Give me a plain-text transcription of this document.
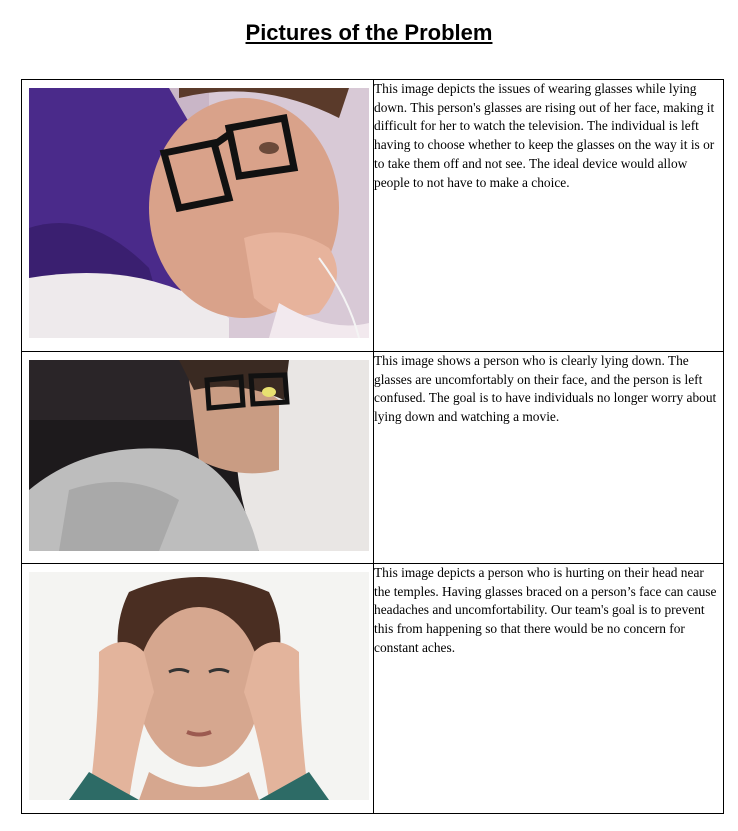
Pictures of the Problem
	This image depicts the issues of wearing glasses while lying down. This person's glasses are rising out of her face, making it difficult for her to watch the television. The individual is left having to choose whether to keep the glasses on the way it is or to take them off and not see. The ideal device would allow people to not have to make a choice.

	This image shows a person who is clearly lying down. The glasses are uncomfortably on their face, and the person is left confused. The goal is to have individuals no longer worry about lying down and watching a movie.

	This image depicts a person who is hurting on their head near the temples. Having glasses braced on a person’s face can cause headaches and uncomfortability. Our team's goal is to prevent this from happening so that there would be no concern for constant aches.
